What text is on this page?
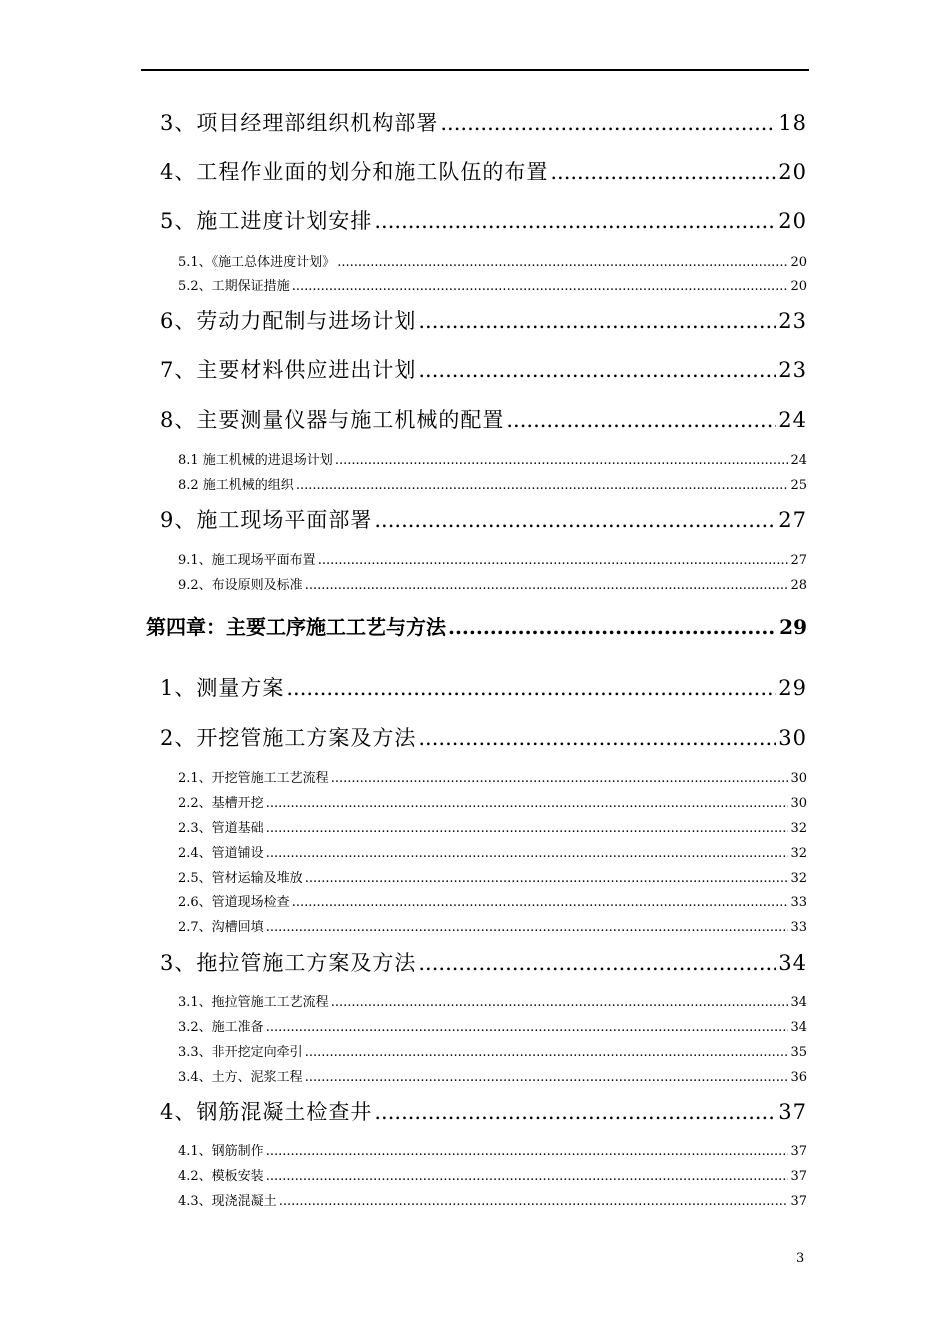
3、项目经理部组织机构部署 .....	18
4、工程作业面的划分和施工队伍的布置 .....	20
5、施工进度计划安排 .....	20
5.1、《施工总体进度计划》 .....	20
5.2、工期保证措施 .....	20
6、劳动力配制与进场计划 .....	23
7、主要材料供应进出计划 .....	23
8、主要测量仪器与施工机械的配置 .....	24
8.1 施工机械的进退场计划 .....	24
8.2 施工机械的组织 .....	25
9、施工现场平面部署 .....	27
9.1、施工现场平面布置 .....	27
9.2、布设原则及标准 .....	28
第四章：主要工序施工工艺与方法 .....	29
1、测量方案 .....	29
2、开挖管施工方案及方法 .....	30
2.1、开挖管施工工艺流程 .....	30
2.2、基槽开挖 .....	30
2.3、管道基础 .....	32
2.4、管道铺设 .....	32
2.5、管材运输及堆放 .....	32
2.6、管道现场检查 .....	33
2.7、沟槽回填 .....	33
3、拖拉管施工方案及方法 .....	34
3.1、拖拉管施工工艺流程 .....	34
3.2、施工准备 .....	34
3.3、非开挖定向牵引 .....	35
3.4、土方、泥浆工程 .....	36
4、钢筋混凝土检查井 .....	37
4.1、钢筋制作 .....	37
4.2、模板安装 .....	37
4.3、现浇混凝土 .....	37
3
